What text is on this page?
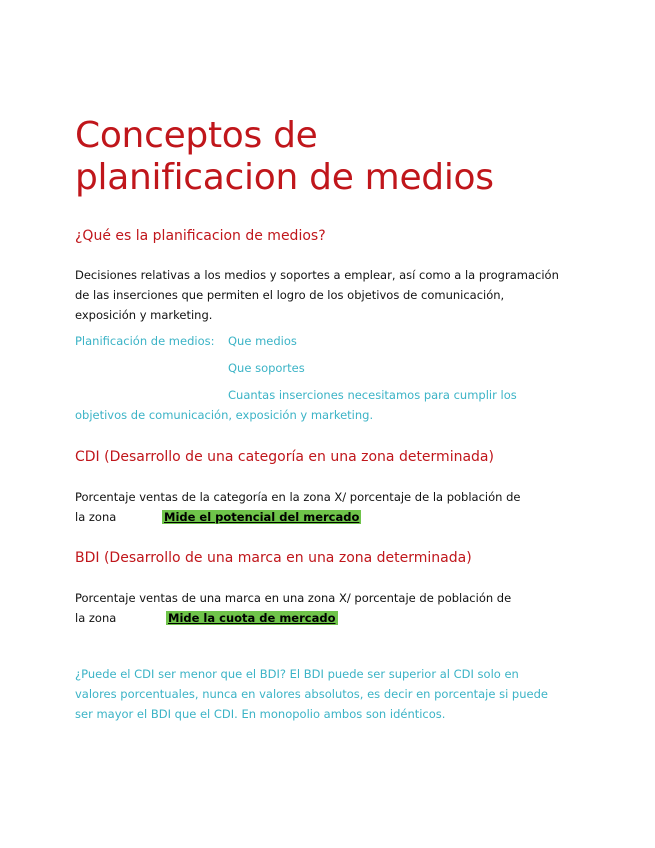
Conceptos de
planificacion de medios

¿Qué es la planificacion de medios?

Decisiones relativas a los medios y soportes a emplear, así como a la programación de las inserciones que permiten el logro de los objetivos de comunicación, exposición y marketing.

Planificación de medios: Que medios

Que soportes

Cuantas inserciones necesitamos para cumplir los

objetivos de comunicación, exposición y marketing.

CDI (Desarrollo de una categoría en una zona determinada)

Porcentaje ventas de la categoría en la zona X/ porcentaje de la población de

la zona	Mide el potencial del mercado

BDI (Desarrollo de una marca en una zona determinada)

Porcentaje ventas de una marca en una zona X/ porcentaje de población de

la zona	Mide la cuota de mercado

¿Puede el CDI ser menor que el BDI? El BDI puede ser superior al CDI solo en valores porcentuales, nunca en valores absolutos, es decir en porcentaje si puede ser mayor el BDI que el CDI. En monopolio ambos son idénticos.
